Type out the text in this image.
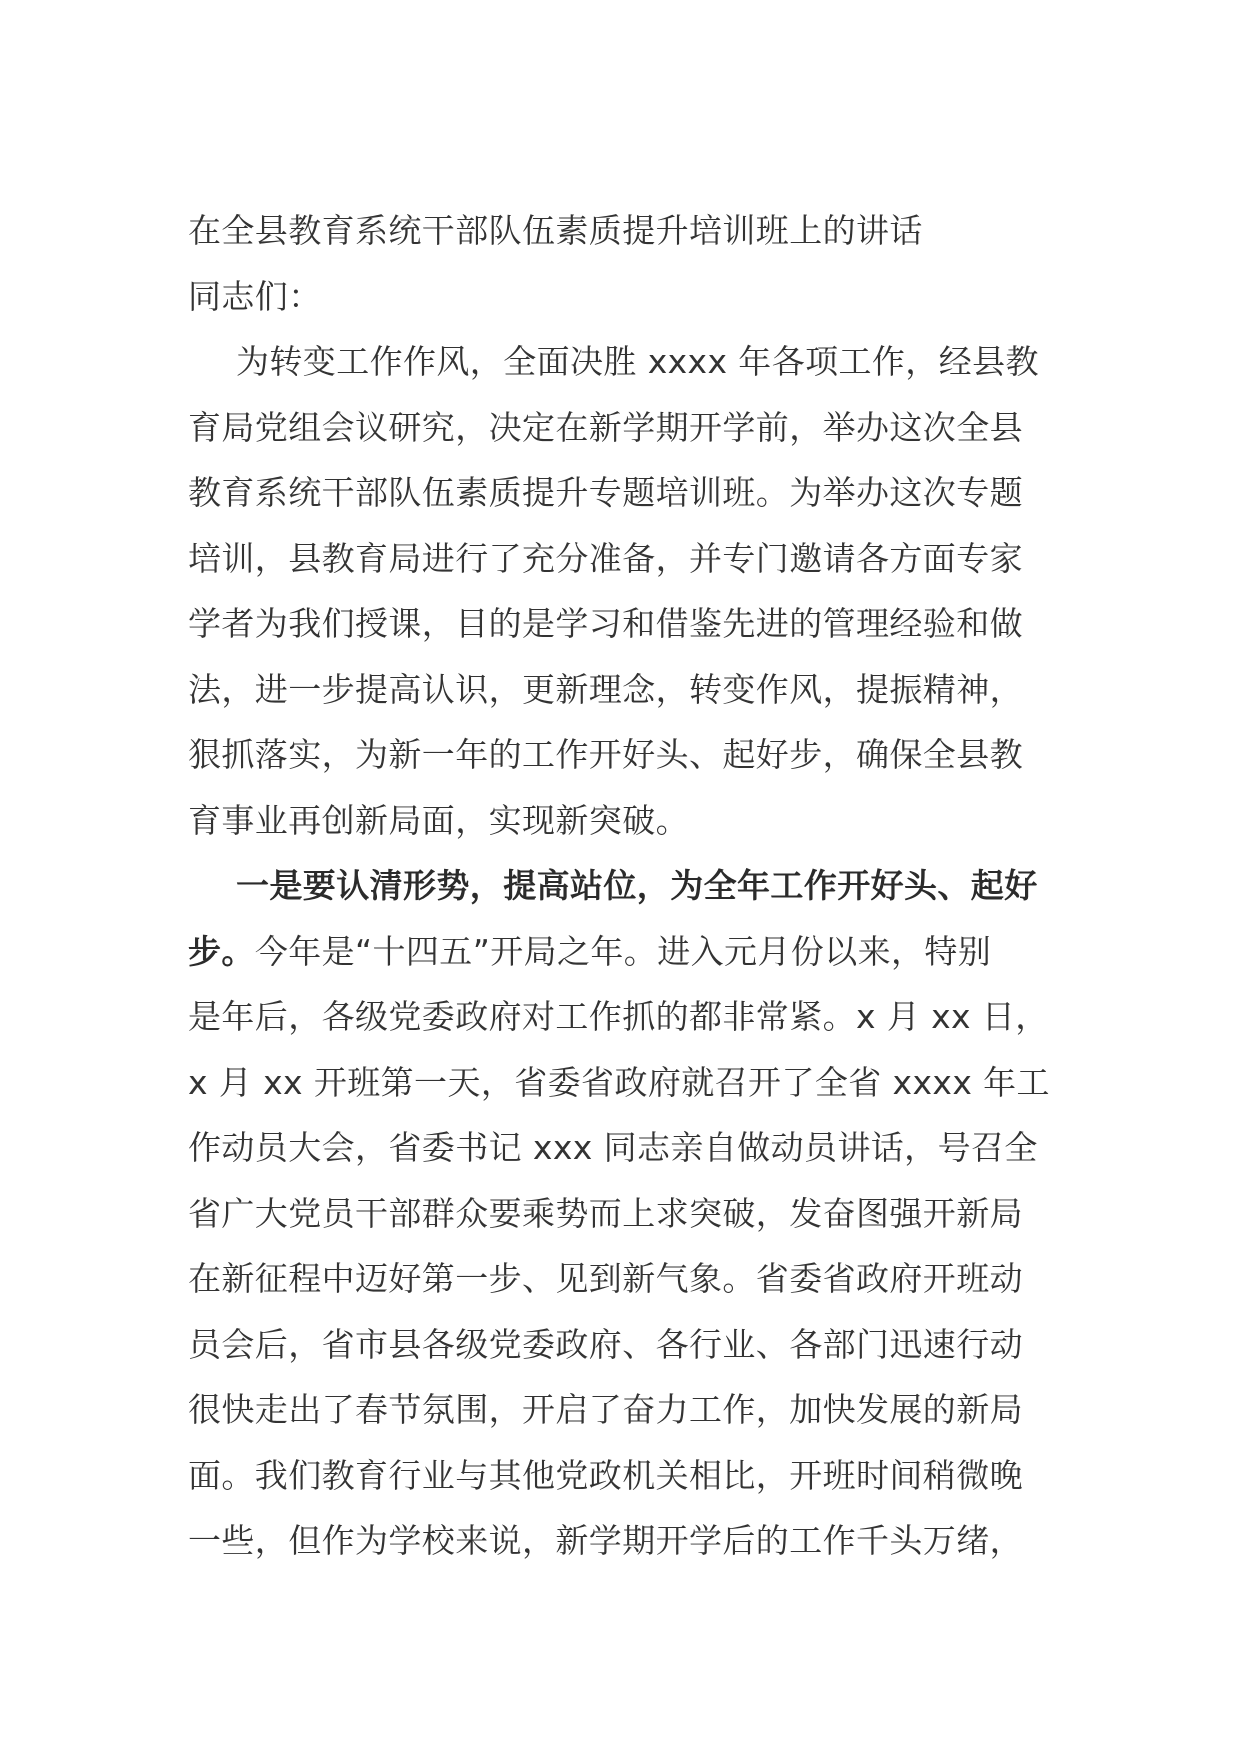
在全县教育系统干部队伍素质提升培训班上的讲话

同志们：

为转变工作作风，全面决胜 xxxx 年各项工作，经县教
育局党组会议研究，决定在新学期开学前，举办这次全县
教育系统干部队伍素质提升专题培训班。为举办这次专题
培训，县教育局进行了充分准备，并专门邀请各方面专家
学者为我们授课，目的是学习和借鉴先进的管理经验和做
法，进一步提高认识，更新理念，转变作风，提振精神，
狠抓落实，为新一年的工作开好头、起好步，确保全县教
育事业再创新局面，实现新突破。
一是要认清形势，提高站位，为全年工作开好头、起好
步。今年是“十四五”开局之年。进入元月份以来，特别
是年后，各级党委政府对工作抓的都非常紧。x 月 xx 日，
x 月 xx 开班第一天，省委省政府就召开了全省 xxxx 年工
作动员大会，省委书记 xxx 同志亲自做动员讲话，号召全
省广大党员干部群众要乘势而上求突破，发奋图强开新局
在新征程中迈好第一步、见到新气象。省委省政府开班动
员会后，省市县各级党委政府、各行业、各部门迅速行动
很快走出了春节氛围，开启了奋力工作，加快发展的新局
面。我们教育行业与其他党政机关相比，开班时间稍微晚
一些，但作为学校来说，新学期开学后的工作千头万绪，
